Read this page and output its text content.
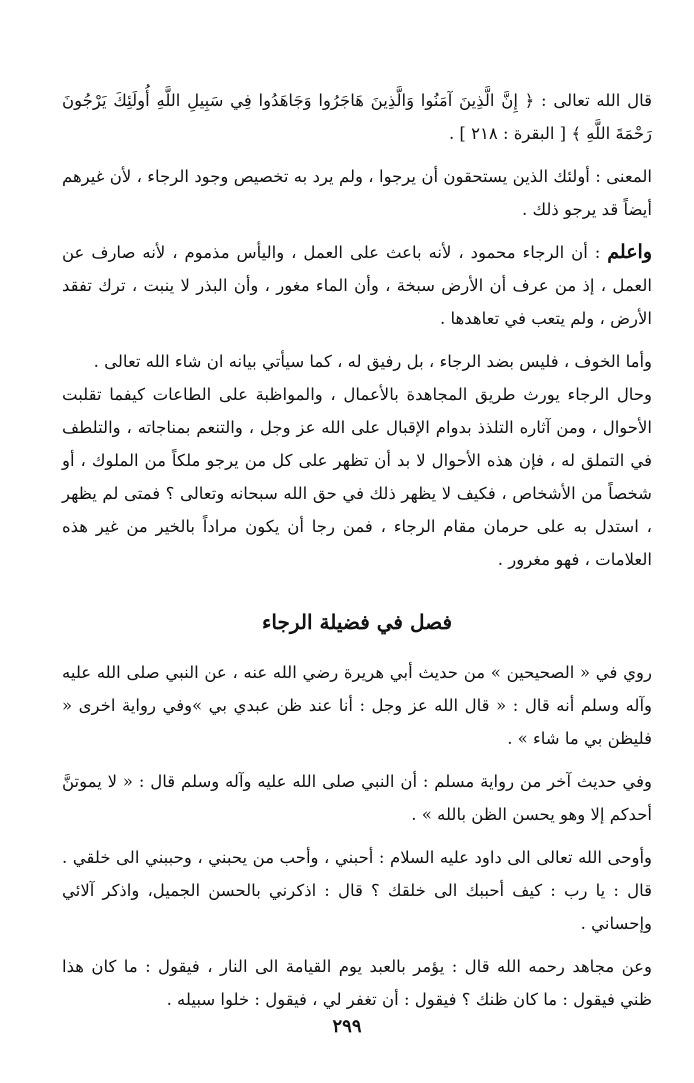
قال الله تعالى : ﴿ إِنَّ الَّذِينَ آمَنُوا وَالَّذِينَ هَاجَرُوا وَجَاهَدُوا فِي سَبِيلِ اللَّهِ أُولَئِكَ يَرْجُونَ رَحْمَةَ اللَّهِ ﴾ [ البقرة : ٢١٨ ] .

المعنى : أولئك الذين يستحقون أن يرجوا ، ولم يرد به تخصيص وجود الرجاء ، لأن غيرهم أيضاً قد يرجو ذلك .

واعلم : أن الرجاء محمود ، لأنه باعث على العمل ، واليأس مذموم ، لأنه صارف عن العمل ، إذ من عرف أن الأرض سبخة ، وأن الماء مغور ، وأن البذر لا ينبت ، ترك تفقد الأرض ، ولم يتعب في تعاهدها .

وأما الخوف ، فليس بضد الرجاء ، بل رفيق له ، كما سيأتي بيانه ان شاء الله تعالى .

وحال الرجاء يورث طريق المجاهدة بالأعمال ، والمواظبة على الطاعات كيفما تقلبت الأحوال ، ومن آثاره التلذذ بدوام الإقبال على الله عز وجل ، والتنعم بمناجاته ، والتلطف في التملق له ، فإن هذه الأحوال لا بد أن تظهر على كل من يرجو ملكاً من الملوك ، أو شخصاً من الأشخاص ، فكيف لا يظهر ذلك في حق الله سبحانه وتعالى ؟ فمتى لم يظهر ، استدل به على حرمان مقام الرجاء ، فمن رجا أن يكون مراداً بالخير من غير هذه العلامات ، فهو مغرور .

فصل في فضيلة الرجاء

روي في « الصحيحين » من حديث أبي هريرة رضي الله عنه ، عن النبي صلى الله عليه وآله وسلم أنه قال : « قال الله عز وجل : أنا عند ظن عبدي بي »وفي رواية اخرى « فليظن بي ما شاء » .

وفي حديث آخر من رواية مسلم : أن النبي صلى الله عليه وآله وسلم قال : « لا يموتنَّ أحدكم إلا وهو يحسن الظن بالله » .

وأوحى الله تعالى الى داود عليه السلام : أحبني ، وأحب من يحبني ، وحببني الى خلقي . قال : يا رب : كيف أحببك الى خلقك ؟ قال : اذكرني بالحسن الجميل، واذكر آلائي وإحساني .

وعن مجاهد رحمه الله قال : يؤمر بالعبد يوم القيامة الى النار ، فيقول : ما كان هذا ظني فيقول : ما كان ظنك ؟ فيقول : أن تغفر لي ، فيقول : خلوا سبيله .

٢٩٩
